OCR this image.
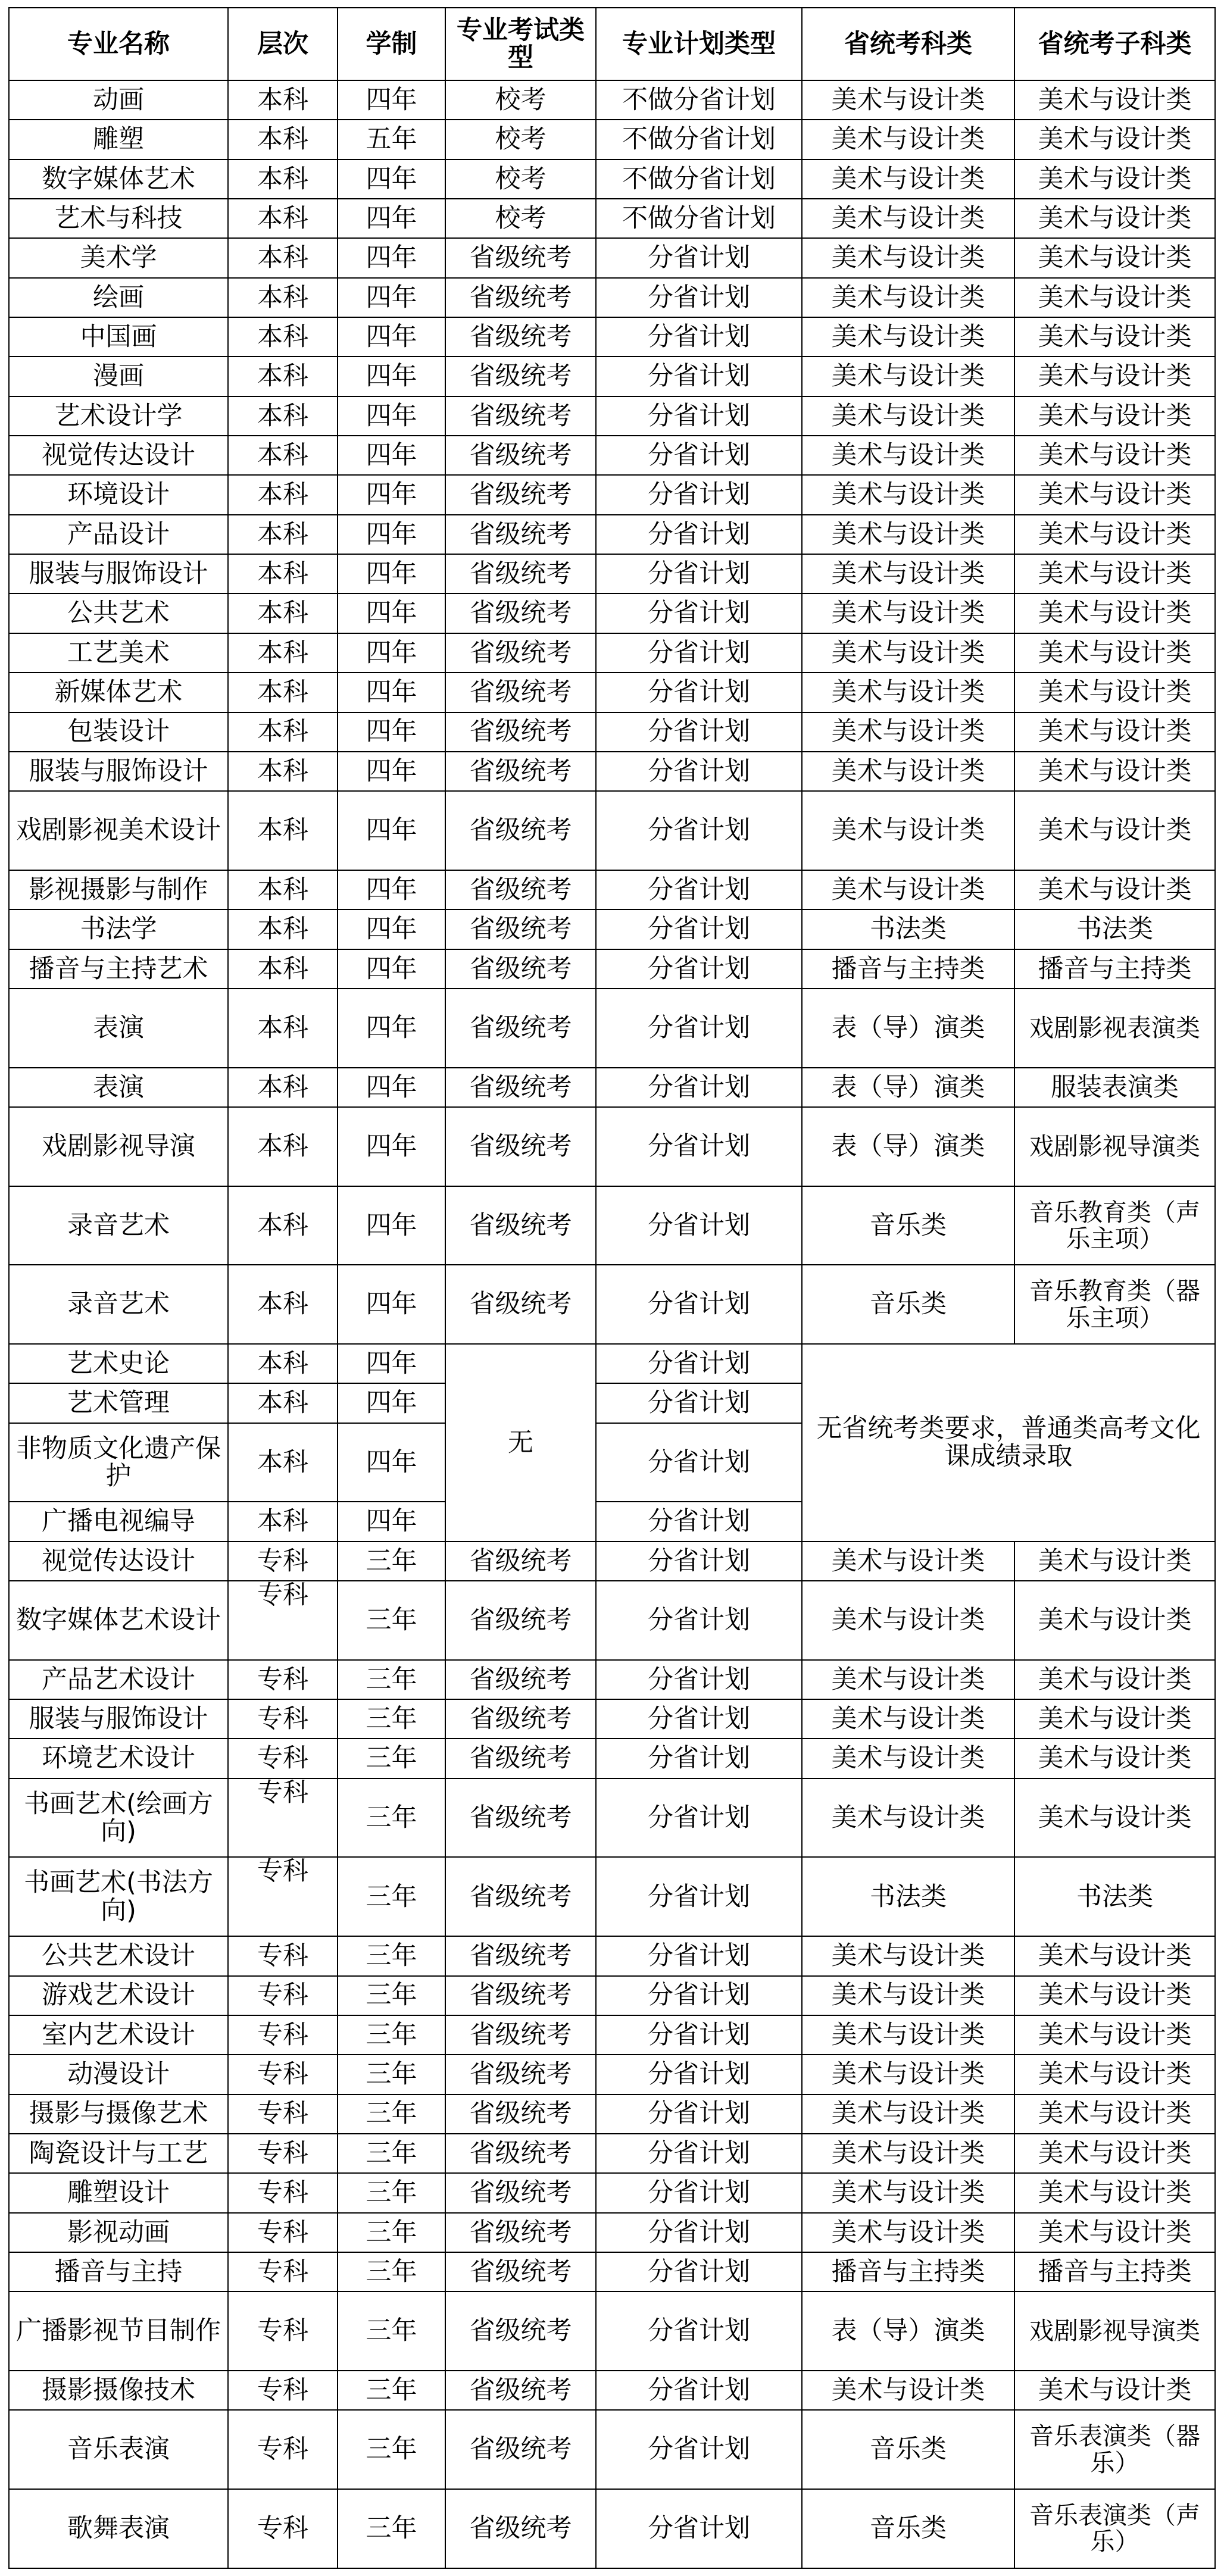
专业名称	层次	学制	专业考试类型	专业计划类型	省统考科类	省统考子科类
动画	本科	四年	校考	不做分省计划	美术与设计类	美术与设计类
雕塑	本科	五年	校考	不做分省计划	美术与设计类	美术与设计类
数字媒体艺术	本科	四年	校考	不做分省计划	美术与设计类	美术与设计类
艺术与科技	本科	四年	校考	不做分省计划	美术与设计类	美术与设计类
美术学	本科	四年	省级统考	分省计划	美术与设计类	美术与设计类
绘画	本科	四年	省级统考	分省计划	美术与设计类	美术与设计类
中国画	本科	四年	省级统考	分省计划	美术与设计类	美术与设计类
漫画	本科	四年	省级统考	分省计划	美术与设计类	美术与设计类
艺术设计学	本科	四年	省级统考	分省计划	美术与设计类	美术与设计类
视觉传达设计	本科	四年	省级统考	分省计划	美术与设计类	美术与设计类
环境设计	本科	四年	省级统考	分省计划	美术与设计类	美术与设计类
产品设计	本科	四年	省级统考	分省计划	美术与设计类	美术与设计类
服装与服饰设计	本科	四年	省级统考	分省计划	美术与设计类	美术与设计类
公共艺术	本科	四年	省级统考	分省计划	美术与设计类	美术与设计类
工艺美术	本科	四年	省级统考	分省计划	美术与设计类	美术与设计类
新媒体艺术	本科	四年	省级统考	分省计划	美术与设计类	美术与设计类
包装设计	本科	四年	省级统考	分省计划	美术与设计类	美术与设计类
服装与服饰设计	本科	四年	省级统考	分省计划	美术与设计类	美术与设计类
戏剧影视美术设计	本科	四年	省级统考	分省计划	美术与设计类	美术与设计类
影视摄影与制作	本科	四年	省级统考	分省计划	美术与设计类	美术与设计类
书法学	本科	四年	省级统考	分省计划	书法类	书法类
播音与主持艺术	本科	四年	省级统考	分省计划	播音与主持类	播音与主持类
表演	本科	四年	省级统考	分省计划	表（导）演类	戏剧影视表演类
表演	本科	四年	省级统考	分省计划	表（导）演类	服装表演类
戏剧影视导演	本科	四年	省级统考	分省计划	表（导）演类	戏剧影视导演类
录音艺术	本科	四年	省级统考	分省计划	音乐类	音乐教育类（声乐主项）
录音艺术	本科	四年	省级统考	分省计划	音乐类	音乐教育类（器乐主项）
艺术史论	本科	四年	无	分省计划	无省统考类要求，普通类高考文化课成绩录取	
艺术管理	本科	四年		分省计划		
非物质文化遗产保护	本科	四年		分省计划		
广播电视编导	本科	四年		分省计划		
视觉传达设计	专科	三年	省级统考	分省计划	美术与设计类	美术与设计类
数字媒体艺术设计	专科	三年	省级统考	分省计划	美术与设计类	美术与设计类
产品艺术设计	专科	三年	省级统考	分省计划	美术与设计类	美术与设计类
服装与服饰设计	专科	三年	省级统考	分省计划	美术与设计类	美术与设计类
环境艺术设计	专科	三年	省级统考	分省计划	美术与设计类	美术与设计类
书画艺术(绘画方向)	专科	三年	省级统考	分省计划	美术与设计类	美术与设计类
书画艺术(书法方向)	专科	三年	省级统考	分省计划	书法类	书法类
公共艺术设计	专科	三年	省级统考	分省计划	美术与设计类	美术与设计类
游戏艺术设计	专科	三年	省级统考	分省计划	美术与设计类	美术与设计类
室内艺术设计	专科	三年	省级统考	分省计划	美术与设计类	美术与设计类
动漫设计	专科	三年	省级统考	分省计划	美术与设计类	美术与设计类
摄影与摄像艺术	专科	三年	省级统考	分省计划	美术与设计类	美术与设计类
陶瓷设计与工艺	专科	三年	省级统考	分省计划	美术与设计类	美术与设计类
雕塑设计	专科	三年	省级统考	分省计划	美术与设计类	美术与设计类
影视动画	专科	三年	省级统考	分省计划	美术与设计类	美术与设计类
播音与主持	专科	三年	省级统考	分省计划	播音与主持类	播音与主持类
广播影视节目制作	专科	三年	省级统考	分省计划	表（导）演类	戏剧影视导演类
摄影摄像技术	专科	三年	省级统考	分省计划	美术与设计类	美术与设计类
音乐表演	专科	三年	省级统考	分省计划	音乐类	音乐表演类（器乐）
歌舞表演	专科	三年	省级统考	分省计划	音乐类	音乐表演类（声乐）
